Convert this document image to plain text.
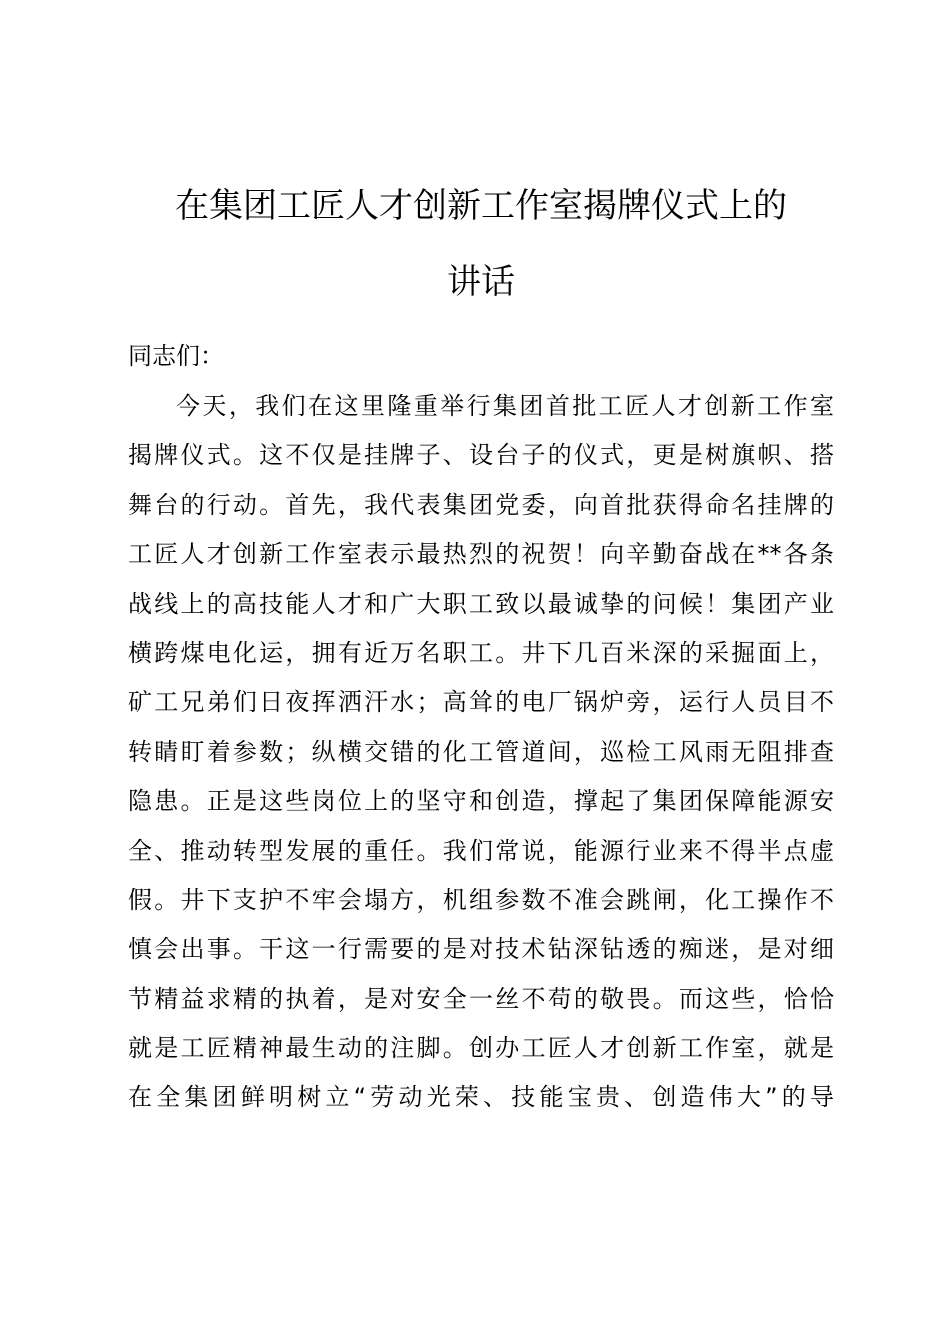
在集团工匠人才创新工作室揭牌仪式上的
讲话

同志们：

今天，我们在这里隆重举行集团首批工匠人才创新工作室
揭牌仪式。这不仅是挂牌子、设台子的仪式，更是树旗帜、搭
舞台的行动。首先，我代表集团党委，向首批获得命名挂牌的
工匠人才创新工作室表示最热烈的祝贺！向辛勤奋战在**各条
战线上的高技能人才和广大职工致以最诚挚的问候！集团产业
横跨煤电化运，拥有近万名职工。井下几百米深的采掘面上，
矿工兄弟们日夜挥洒汗水；高耸的电厂锅炉旁，运行人员目不
转睛盯着参数；纵横交错的化工管道间，巡检工风雨无阻排查
隐患。正是这些岗位上的坚守和创造，撑起了集团保障能源安
全、推动转型发展的重任。我们常说，能源行业来不得半点虚
假。井下支护不牢会塌方，机组参数不准会跳闸，化工操作不
慎会出事。干这一行需要的是对技术钻深钻透的痴迷，是对细
节精益求精的执着，是对安全一丝不苟的敬畏。而这些，恰恰
就是工匠精神最生动的注脚。创办工匠人才创新工作室，就是
在全集团鲜明树立“劳动光荣、技能宝贵、创造伟大”的导
